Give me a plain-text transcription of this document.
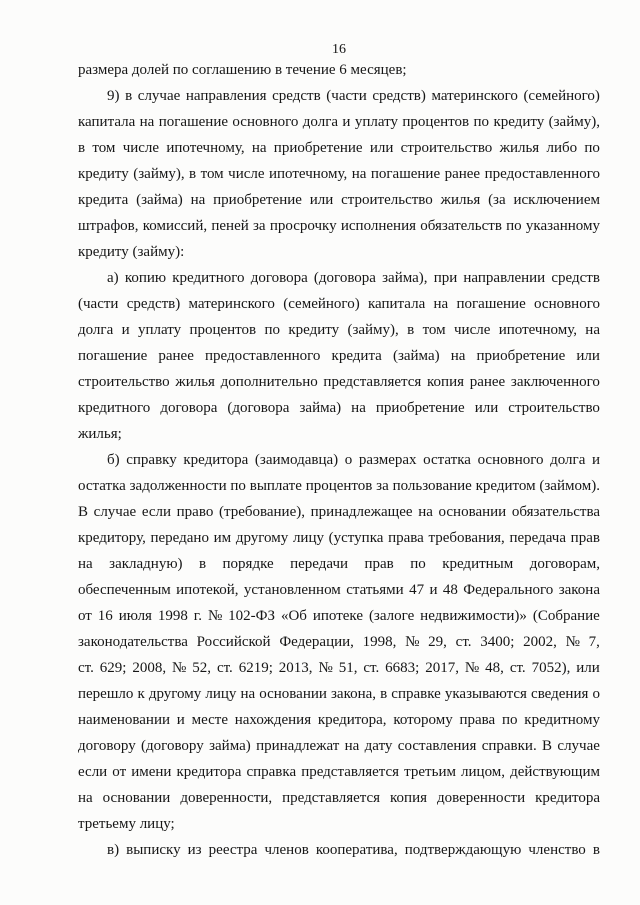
16
размера долей по соглашению в течение 6 месяцев;
9) в случае направления средств (части средств) материнского (семейного)
капитала на погашение основного долга и уплату процентов по кредиту (займу),
в том числе ипотечному, на приобретение или строительство жилья либо по
кредиту (займу), в том числе ипотечному, на погашение ранее предоставленного
кредита (займа) на приобретение или строительство жилья (за исключением
штрафов, комиссий, пеней за просрочку исполнения обязательств по указанному
кредиту (займу):
а) копию кредитного договора (договора займа), при направлении средств
(части средств) материнского (семейного) капитала на погашение основного
долга и уплату процентов по кредиту (займу), в том числе ипотечному, на
погашение ранее предоставленного кредита (займа) на приобретение или
строительство жилья дополнительно представляется копия ранее заключенного
кредитного договора (договора займа) на приобретение или строительство
жилья;
б) справку кредитора (заимодавца) о размерах остатка основного долга и
остатка задолженности по выплате процентов за пользование кредитом (займом).
В случае если право (требование), принадлежащее на основании обязательства
кредитору, передано им другому лицу (уступка права требования, передача прав
на закладную) в порядке передачи прав по кредитным договорам,
обеспеченным ипотекой, установленном статьями 47 и 48 Федерального закона
от 16 июля 1998 г. № 102-ФЗ «Об ипотеке (залоге недвижимости)» (Собрание
законодательства Российской Федерации, 1998, № 29, ст. 3400; 2002, № 7,
ст. 629; 2008, № 52, ст. 6219; 2013, № 51, ст. 6683; 2017, № 48, ст. 7052), или
перешло к другому лицу на основании закона, в справке указываются сведения о
наименовании и месте нахождения кредитора, которому права по кредитному
договору (договору займа) принадлежат на дату составления справки. В случае
если от имени кредитора справка представляется третьим лицом, действующим
на основании доверенности, представляется копия доверенности кредитора
третьему лицу;
в) выписку из реестра членов кооператива, подтверждающую членство в
